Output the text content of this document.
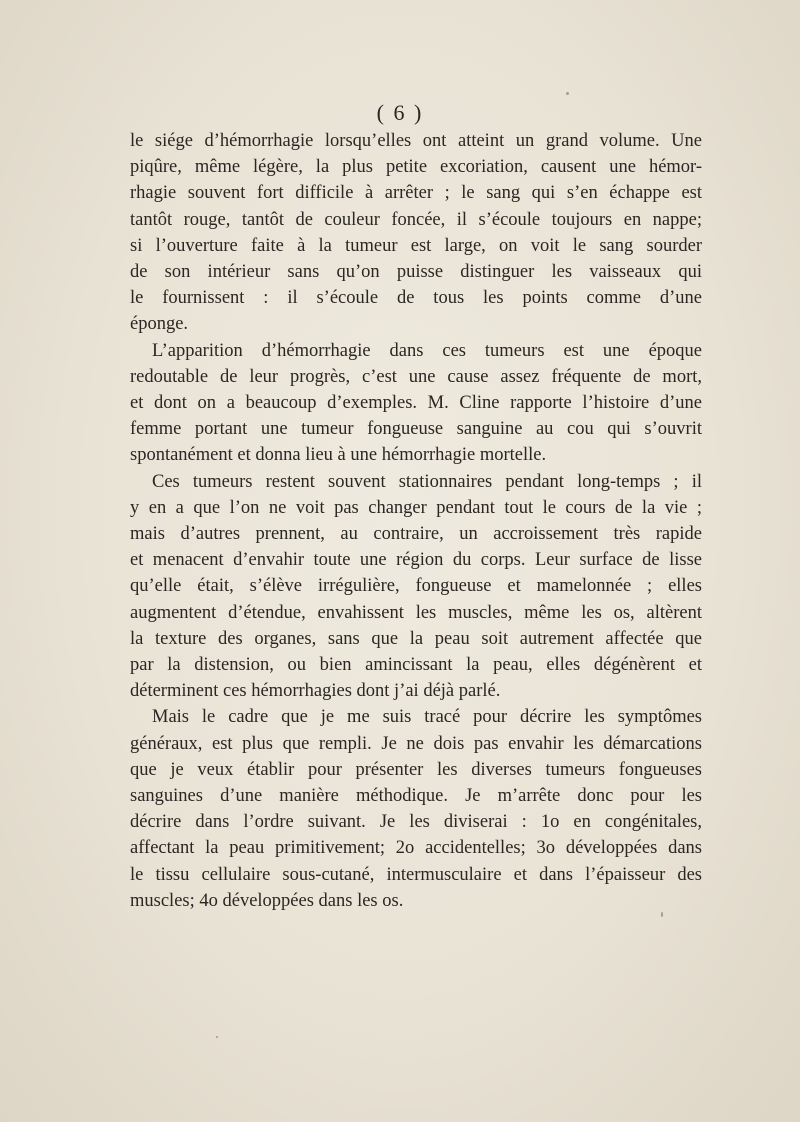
( 6 )

le siége d’hémorrhagie lorsqu’elles ont atteint un grand volume. Une

piqûre, même légère, la plus petite excoriation, causent une hémor-

rhagie souvent fort difficile à arrêter ; le sang qui s’en échappe est

tantôt rouge, tantôt de couleur foncée, il s’écoule toujours en nappe;

si l’ouverture faite à la tumeur est large, on voit le sang sourder

de son intérieur sans qu’on puisse distinguer les vaisseaux qui

le fournissent : il s’écoule de tous les points comme d’une

éponge.

L’apparition d’hémorrhagie dans ces tumeurs est une époque

redoutable de leur progrès, c’est une cause assez fréquente de mort,

et dont on a beaucoup d’exemples. M. Cline rapporte l’histoire d’une

femme portant une tumeur fongueuse sanguine au cou qui s’ouvrit

spontanément et donna lieu à une hémorrhagie mortelle.

Ces tumeurs restent souvent stationnaires pendant long-temps ; il

y en a que l’on ne voit pas changer pendant tout le cours de la vie ;

mais d’autres prennent, au contraire, un accroissement très rapide

et menacent d’envahir toute une région du corps. Leur surface de lisse

qu’elle était, s’élève irrégulière, fongueuse et mamelonnée ; elles

augmentent d’étendue, envahissent les muscles, même les os, altèrent

la texture des organes, sans que la peau soit autrement affectée que

par la distension, ou bien amincissant la peau, elles dégénèrent et

déterminent ces hémorrhagies dont j’ai déjà parlé.

Mais le cadre que je me suis tracé pour décrire les symptômes

généraux, est plus que rempli. Je ne dois pas envahir les démarcations

que je veux établir pour présenter les diverses tumeurs fongueuses

sanguines d’une manière méthodique. Je m’arrête donc pour les

décrire dans l’ordre suivant. Je les diviserai : 1o en congénitales,

affectant la peau primitivement; 2o accidentelles; 3o développées dans

le tissu cellulaire sous-cutané, intermusculaire et dans l’épaisseur des

muscles; 4o développées dans les os.
